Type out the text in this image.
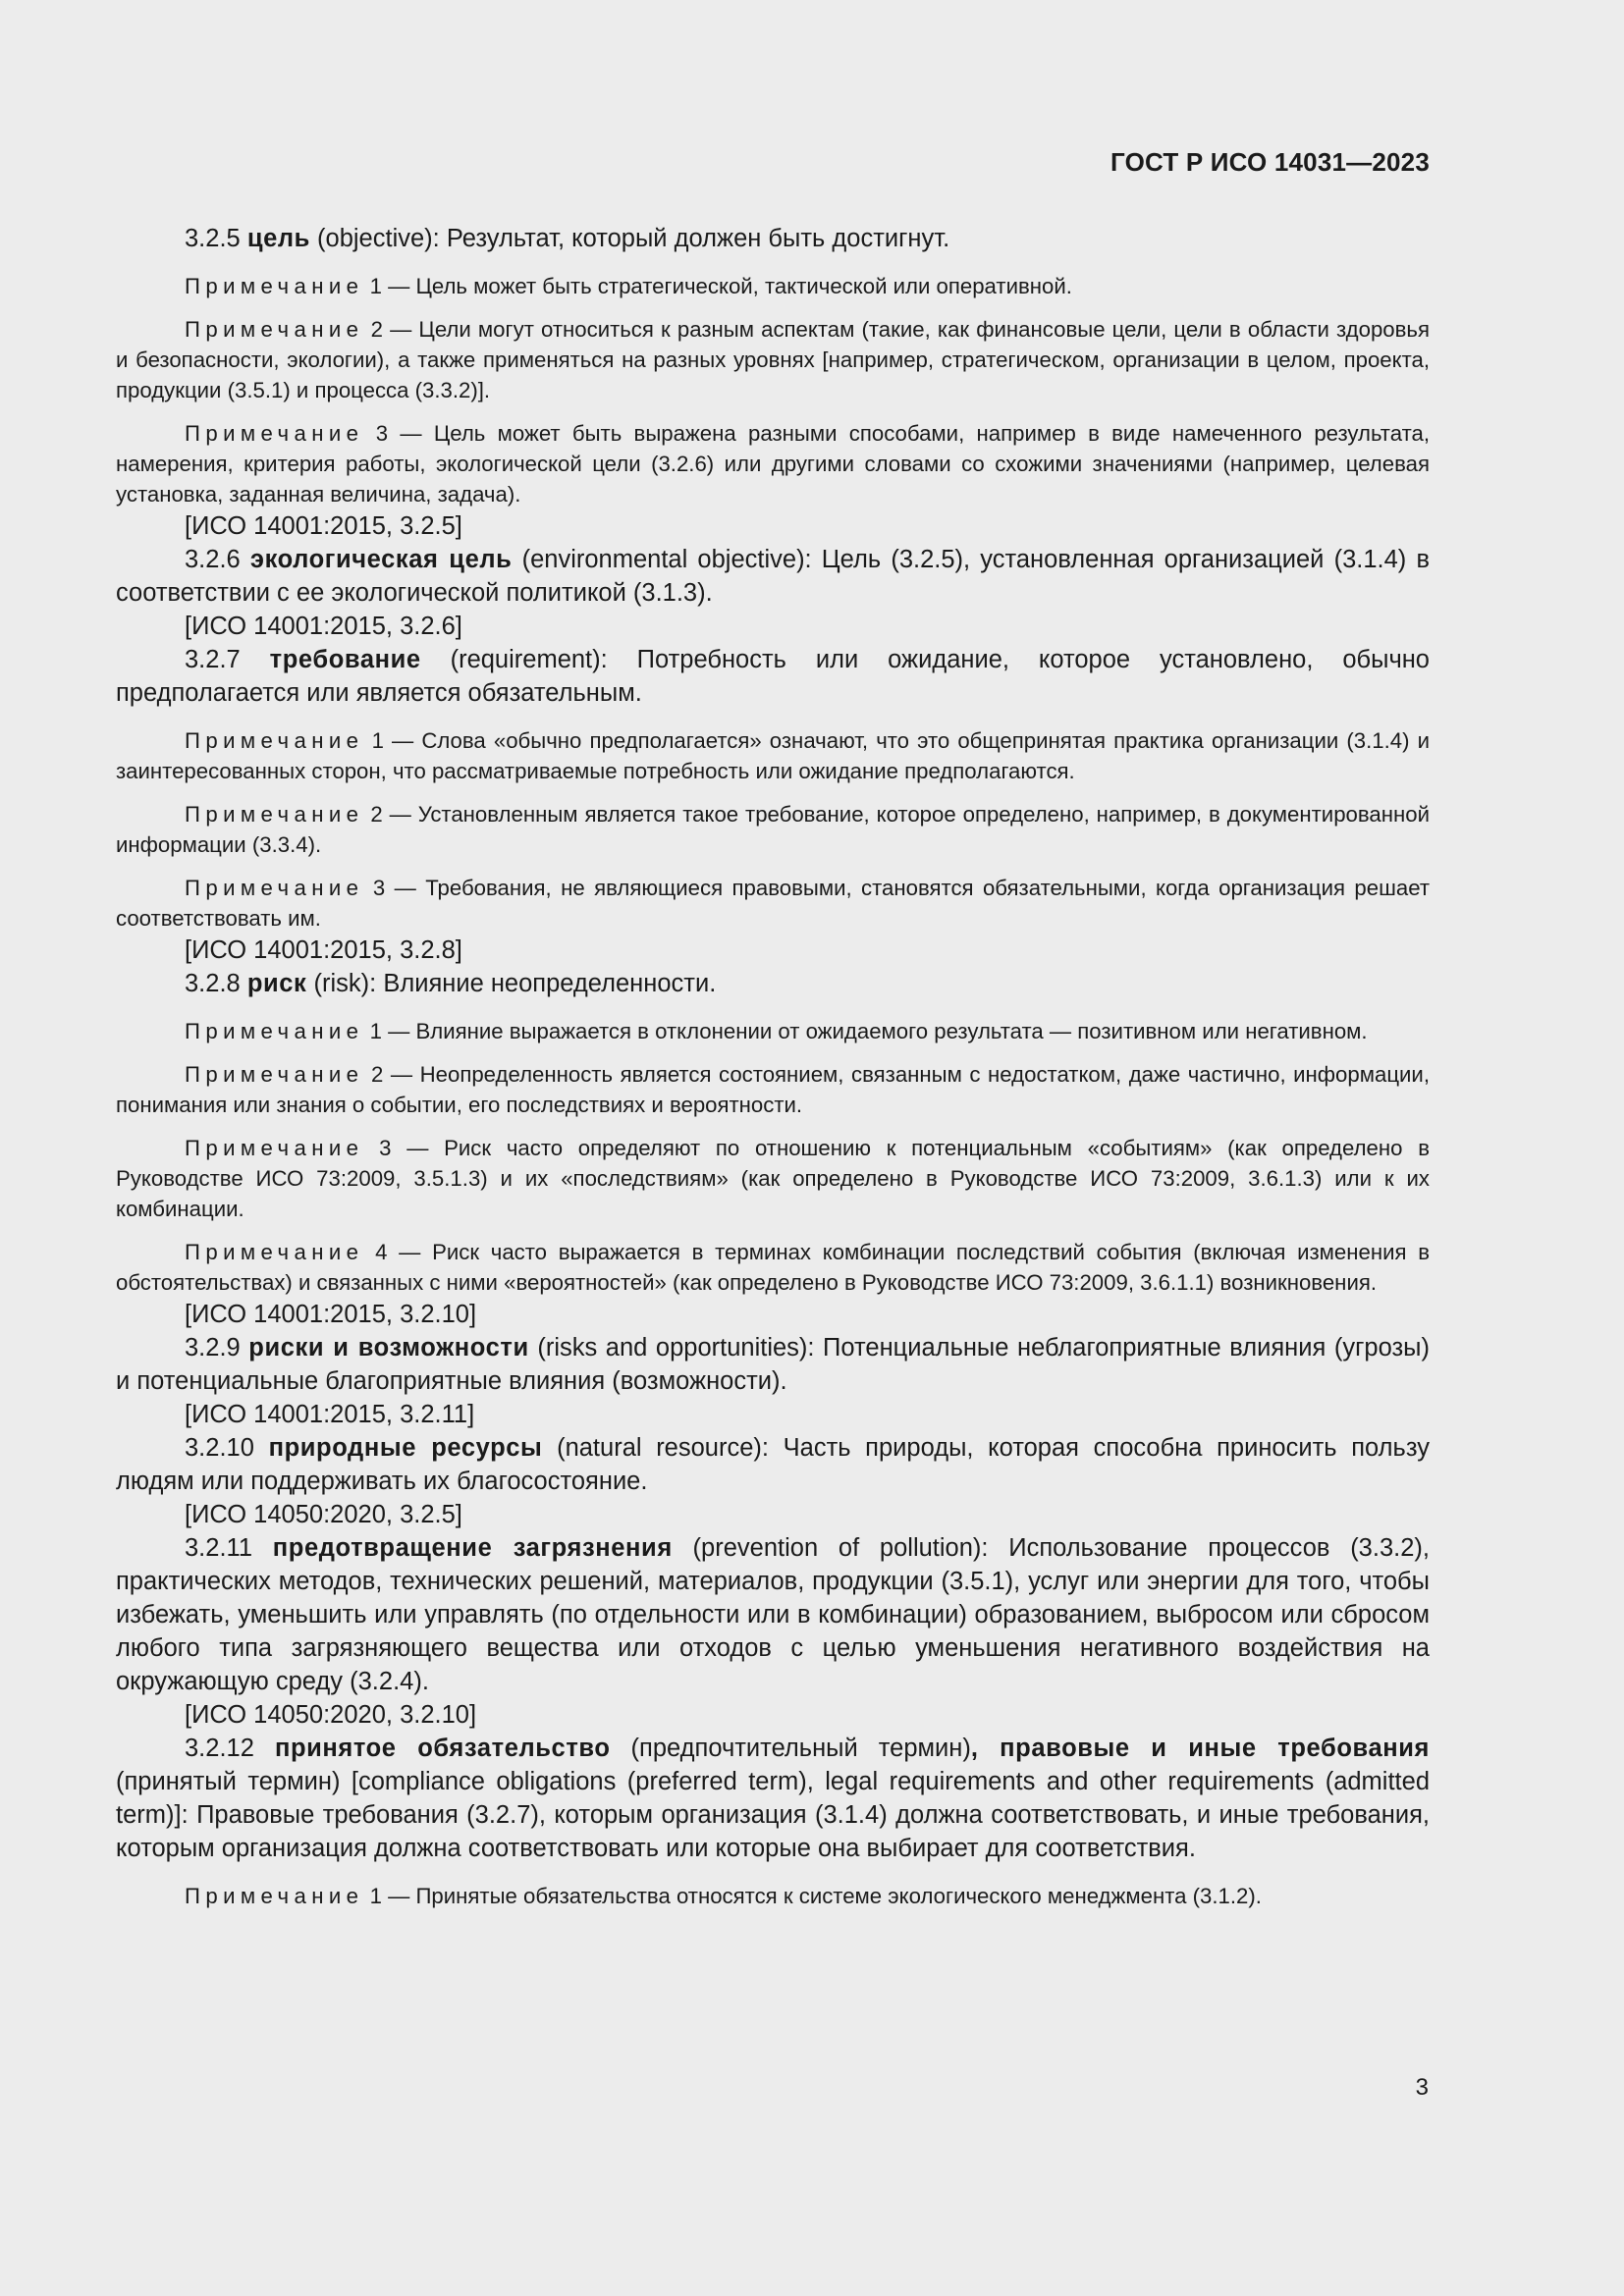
ГОСТ Р ИСО 14031—2023

3.2.5 цель (objective): Результат, который должен быть достигнут.

Примечание 1 — Цель может быть стратегической, тактической или оперативной.

Примечание 2 — Цели могут относиться к разным аспектам (такие, как финансовые цели, цели в области здоровья и безопасности, экологии), а также применяться на разных уровнях [например, стратегическом, организации в целом, проекта, продукции (3.5.1) и процесса (3.3.2)].

Примечание 3 — Цель может быть выражена разными способами, например в виде намеченного результата, намерения, критерия работы, экологической цели (3.2.6) или другими словами со схожими значениями (например, целевая установка, заданная величина, задача).

[ИСО 14001:2015, 3.2.5]

3.2.6 экологическая цель (environmental objective): Цель (3.2.5), установленная организацией (3.1.4) в соответствии с ее экологической политикой (3.1.3).

[ИСО 14001:2015, 3.2.6]

3.2.7 требование (requirement): Потребность или ожидание, которое установлено, обычно предполагается или является обязательным.

Примечание 1 — Слова «обычно предполагается» означают, что это общепринятая практика организации (3.1.4) и заинтересованных сторон, что рассматриваемые потребность или ожидание предполагаются.

Примечание 2 — Установленным является такое требование, которое определено, например, в документированной информации (3.3.4).

Примечание 3 — Требования, не являющиеся правовыми, становятся обязательными, когда организация решает соответствовать им.

[ИСО 14001:2015, 3.2.8]

3.2.8 риск (risk): Влияние неопределенности.

Примечание 1 — Влияние выражается в отклонении от ожидаемого результата — позитивном или негативном.

Примечание 2 — Неопределенность является состоянием, связанным с недостатком, даже частично, информации, понимания или знания о событии, его последствиях и вероятности.

Примечание 3 — Риск часто определяют по отношению к потенциальным «событиям» (как определено в Руководстве ИСО 73:2009, 3.5.1.3) и их «последствиям» (как определено в Руководстве ИСО 73:2009, 3.6.1.3) или к их комбинации.

Примечание 4 — Риск часто выражается в терминах комбинации последствий события (включая изменения в обстоятельствах) и связанных с ними «вероятностей» (как определено в Руководстве ИСО 73:2009, 3.6.1.1) возникновения.

[ИСО 14001:2015, 3.2.10]

3.2.9 риски и возможности (risks and opportunities): Потенциальные неблагоприятные влияния (угрозы) и потенциальные благоприятные влияния (возможности).

[ИСО 14001:2015, 3.2.11]

3.2.10 природные ресурсы (natural resource): Часть природы, которая способна приносить пользу людям или поддерживать их благосостояние.

[ИСО 14050:2020, 3.2.5]

3.2.11 предотвращение загрязнения (prevention of pollution): Использование процессов (3.3.2), практических методов, технических решений, материалов, продукции (3.5.1), услуг или энергии для того, чтобы избежать, уменьшить или управлять (по отдельности или в комбинации) образованием, выбросом или сбросом любого типа загрязняющего вещества или отходов с целью уменьшения негативного воздействия на окружающую среду (3.2.4).

[ИСО 14050:2020, 3.2.10]

3.2.12 принятое обязательство (предпочтительный термин), правовые и иные требования (принятый термин) [compliance obligations (preferred term), legal requirements and other requirements (admitted term)]: Правовые требования (3.2.7), которым организация (3.1.4) должна соответствовать, и иные требования, которым организация должна соответствовать или которые она выбирает для соответствия.

Примечание 1 — Принятые обязательства относятся к системе экологического менеджмента (3.1.2).

3
